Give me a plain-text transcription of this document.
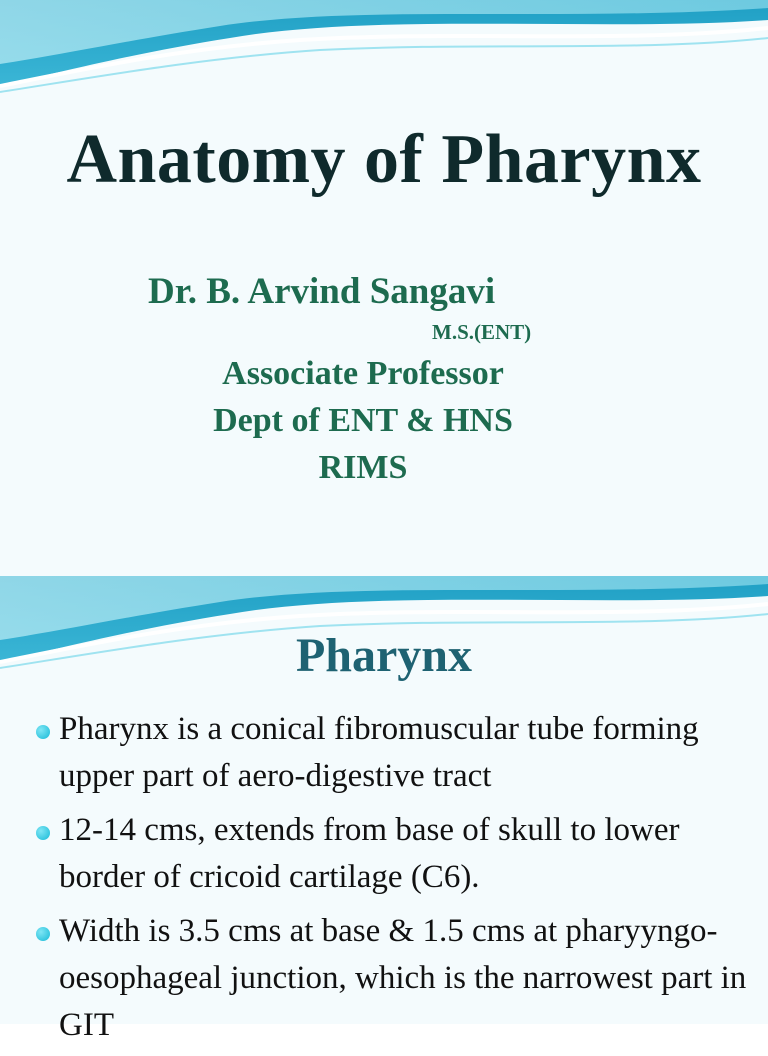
Anatomy of Pharynx
Dr. B. Arvind Sangavi
M.S.(ENT)
Associate Professor
Dept of ENT & HNS
RIMS
Pharynx
Pharynx is a conical fibromuscular tube forming upper part of aero-digestive tract
12-14 cms, extends from base of skull to lower border of cricoid cartilage (C6).
Width is 3.5 cms at base & 1.5 cms at pharyyngo-oesophageal junction, which is the narrowest part in GIT
